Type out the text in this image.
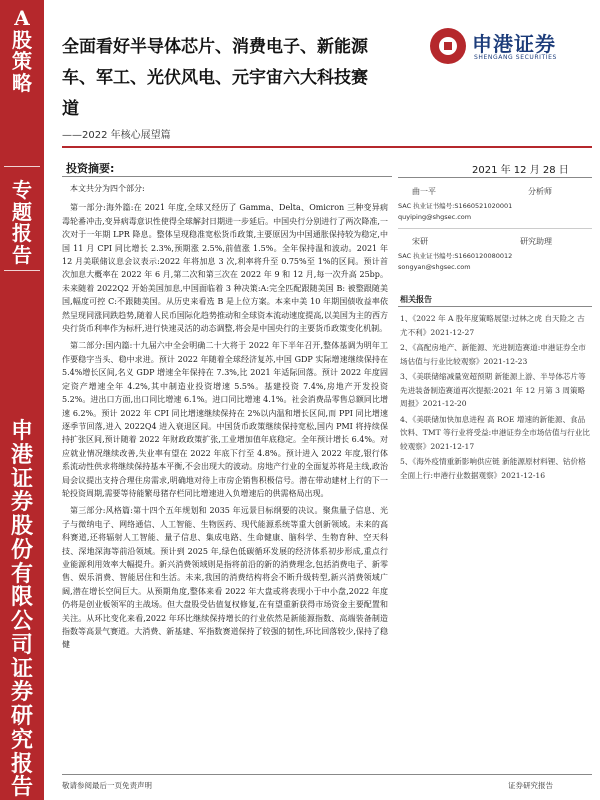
A
股
策
略
专
题
报
告
申
港
证
券
股
份
有
限
公
司
证
券
研
究
报
告
全面看好半导体芯片、消费电子、新能源车、军工、光伏风电、元宇宙六大科技赛道
——2022 年核心展望篇
申港证券
SHENGANG SECURITIES
投资摘要:

本文共分为四个部分:

第一部分:海外篇:在 2021 年度,全球又经历了 Gamma、Delta、Omicron 三种变异病毒轮番冲击,变异病毒意识性使得全球解封日期进一步延后。中国央行分别进行了两次降准,一次对于一年期 LPR 降息。整体呈现稳准宽松货币政策,主要原因为中国通胀保持较为稳定,中国 11 月 CPI 同比增长 2.3%,预期涨 2.5%,前值涨 1.5%。全年保持温和波动。2021 年 12 月美联储议息会议表示:2022 年将加息 3 次,利率将升至 0.75%至 1%的区间。预计首次加息大概率在 2022 年 6 月,第二次和第三次在 2022 年 9 和 12 月,每一次升高 25bp。未来随着 2022Q2 开始美国加息,中国面临着 3 种决策:A:完全匹配跟随美国 B: 被整跟随美国,幅度可控 C:不跟随美国。从历史来看选 B 是上位方案。本来中美 10 年期国债收益率依然呈现同涨同跌趋势,随着人民币国际化趋势推动和全球资本流动速度提高,以美国为主的西方央行货币利率作为标杆,进行快速灵活的动态调整,将会是中国央行的主要货币政策变化机制。

第二部分:国内篇:十九届六中全会明确二十大将于 2022 年下半年召开,整体基调为明年工作要稳字当头、稳中求进。预计 2022 年随着全球经济复苏,中国 GDP 实际增速继续保持在 5.4%增长区间,名义 GDP 增速全年保持在 7.3%,比 2021 年适际回落。预计 2022 年度固定资产增速全年 4.2%,其中制造业投资增速 5.5%。基建投资 7.4%,房地产开发投资 5.2%。进出口方面,出口同比增速 6.1%。进口同比增速 4.1%。社会消费品零售总额同比增速 6.2%。预计 2022 年 CPI 同比增速继续保持在 2%以内温和增长区间,而 PPI 同比增速逐季节回落,进入 2022Q4 进入衰退区间。中国货币政策继续保持宽松,国内 PMI 将持续保持扩张区间,预计随着 2022 年财政政策扩张,工业增加值年底稳定。全年预计增长 6.4%。对应就业情况继续改善,失业率有望在 2022 年底下行至 4.8%。预计进入 2022 年度,银行体系流动性供求将继续保持基本平衡,不会出现大的波动。房地产行业的全面复苏将是主线,政治局会议提出支持合理住房需求,明确地对待上市房企销售积极信号。潜在带动建材上行的下一轮投资周期,需要等待能繁母猪存栏同比增速进入负增速后的供需格局出现。

第三部分:风格篇:第十四个五年规划和 2035 年远景目标纲要的决议。聚焦量子信息、光子与微纳电子、网络通信、人工智能、生物医药、现代能源系统等重大创新领域。未来的高科赛道,还将辐射人工智能、量子信息、集成电路、生命健康、脑科学、生物育种、空天科技、深地深海等前沿领域。预计到 2025 年,绿色低碳循环发展的经济体系初步形成,重点行业能源利用效率大幅提升。新兴消费领域则是指将前沿的新的消费理念,包括消费电子、新零售、娱乐消费、智能居住和生活。未来,我国的消费结构将会不断升级转型,新兴消费领域广阔,潜在增长空间巨大。从预期角度,整体来看 2022 年大盘或将表现小于中小盘,2022 年度仍将是创业板领军的主战场。但大盘股受估值复权修复,在有望重新获得市场资金主要配置和关注。从环比变化来看,2022 年环比继续保持增长的行业依然是新能源指数、高端装备制造指数等高景气赛道。大消费、新基建、军指数赛道保持了较强的韧性,环比回落较少,保持了稳健

2021 年 12 月 28 日
曲一平	分析师
SAC 执业证书编号:S1660521020001
quyiping@shgsec.com
宋研	研究助理
SAC 执业证书编号:S1660120080012
songyan@shgsec.com
相关报告
1、《2022 年 A 股年度策略展望:过林之虎 自天险之 古尤不利》2021-12-27
2、《高配房地产、新能源、光进制造赛道:申港证券全市场估值与行业比较观察》2021-12-23
3、《美联储缩减量宽超预期 新能源上游、半导体芯片等先进装备制造赛道再次提振:2021 年 12 月第 3 周策略周报》2021-12-20
4、《美联储加快加息进程 高 ROE 增速的新能源、食品饮料、TMT 等行业将受益:申港证券全市场估值与行业比较观察》2021-12-17
5、《海外疫情重新影响供应链 新能源原材料锂、钴价格全面上行:申港行业数据观察》2021-12-16
敬请参阅最后一页免责声明	证券研究报告
